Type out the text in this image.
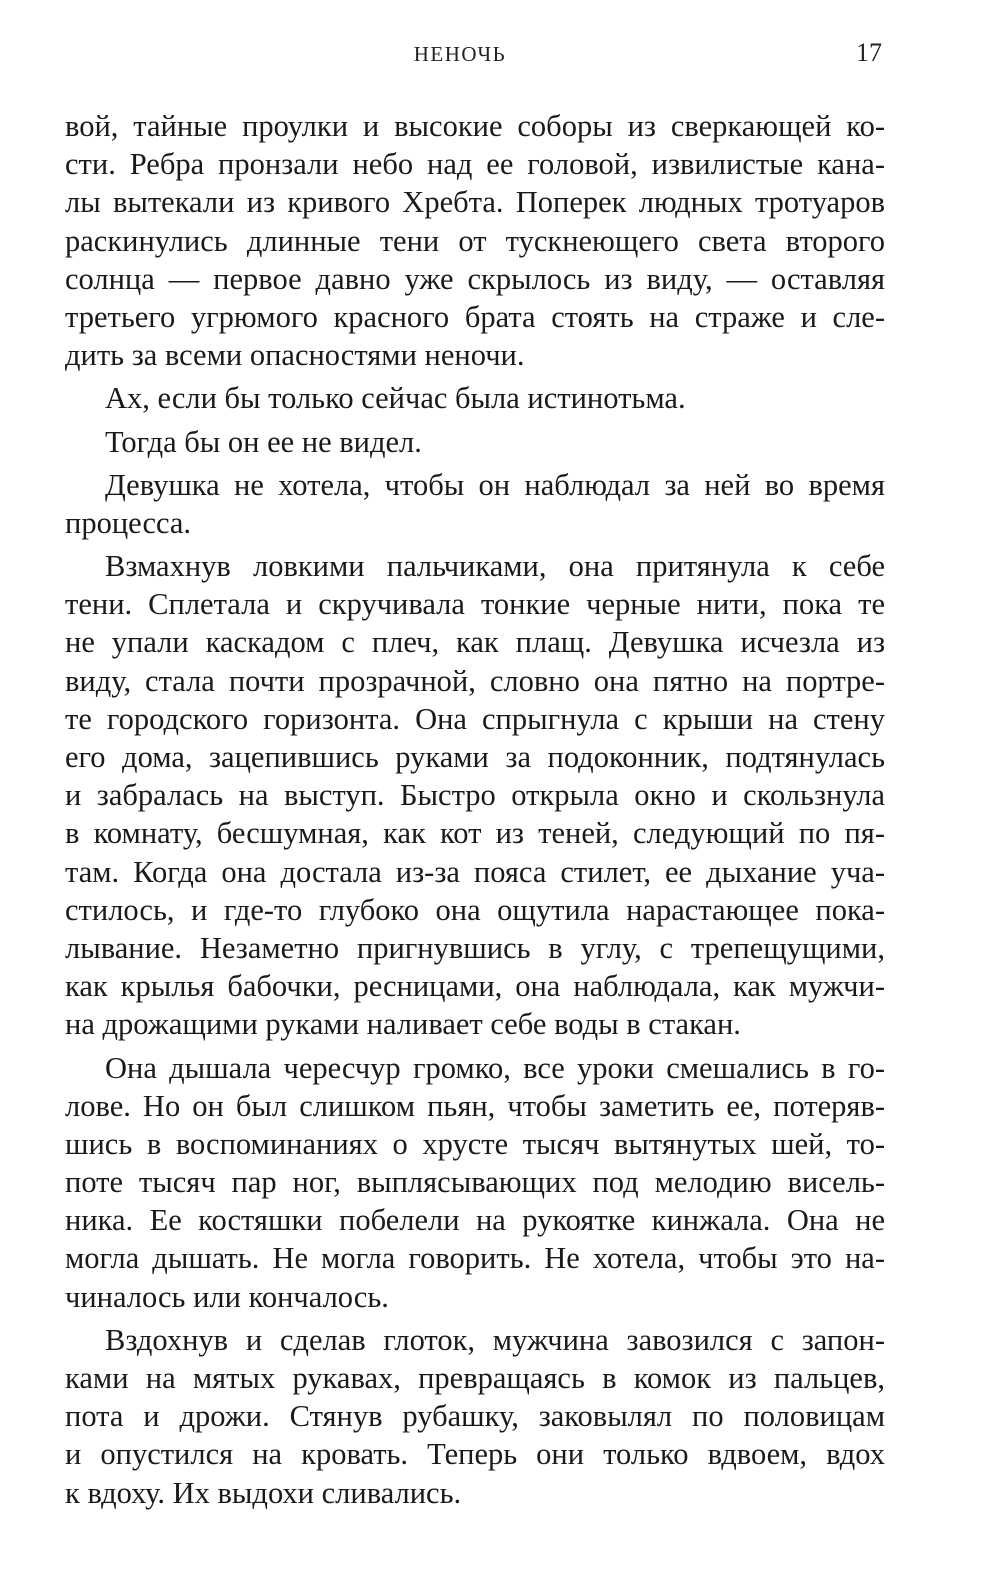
НЕНОЧЬ	17
вой, тайные проулки и высокие соборы из сверкающей ко-
сти. Ребра пронзали небо над ее головой, извилистые кана-
лы вытекали из кривого Хребта. Поперек людных тротуаров
раскинулись длинные тени от тускнеющего света второго
солнца — первое давно уже скрылось из виду, — оставляя
третьего угрюмого красного брата стоять на страже и сле-
дить за всеми опасностями неночи.
Ах, если бы только сейчас была истинотьма.
Тогда бы он ее не видел.
Девушка не хотела, чтобы он наблюдал за ней во время
процесса.
Взмахнув ловкими пальчиками, она притянула к себе
тени. Сплетала и скручивала тонкие черные нити, пока те
не упали каскадом с плеч, как плащ. Девушка исчезла из
виду, стала почти прозрачной, словно она пятно на портре-
те городского горизонта. Она спрыгнула с крыши на стену
его дома, зацепившись руками за подоконник, подтянулась
и забралась на выступ. Быстро открыла окно и скользнула
в комнату, бесшумная, как кот из теней, следующий по пя-
там. Когда она достала из-за пояса стилет, ее дыхание уча-
стилось, и где-то глубоко она ощутила нарастающее пока-
лывание. Незаметно пригнувшись в углу, с трепещущими,
как крылья бабочки, ресницами, она наблюдала, как мужчи-
на дрожащими руками наливает себе воды в стакан.
Она дышала чересчур громко, все уроки смешались в го-
лове. Но он был слишком пьян, чтобы заметить ее, потеряв-
шись в воспоминаниях о хрусте тысяч вытянутых шей, то-
поте тысяч пар ног, выплясывающих под мелодию висель-
ника. Ее костяшки побелели на рукоятке кинжала. Она не
могла дышать. Не могла говорить. Не хотела, чтобы это на-
чиналось или кончалось.
Вздохнув и сделав глоток, мужчина завозился с запон-
ками на мятых рукавах, превращаясь в комок из пальцев,
пота и дрожи. Стянув рубашку, заковылял по половицам
и опустился на кровать. Теперь они только вдвоем, вдох
к вдоху. Их выдохи сливались.
